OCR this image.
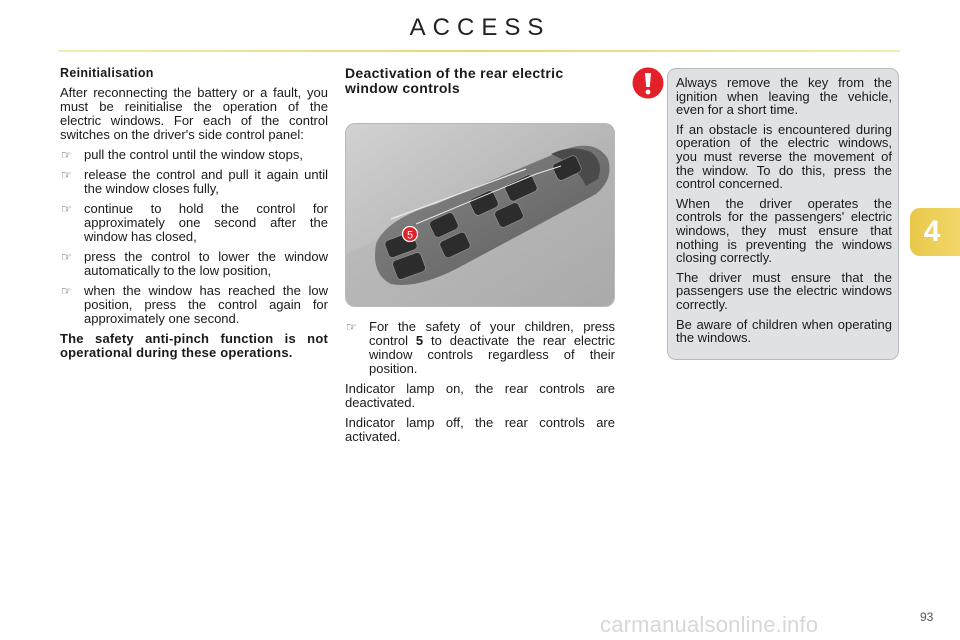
ACCESS
Reinitialisation

After reconnecting the battery or a fault, you must be reinitialise the operation of the electric windows. For each of the control switches on the driver's side control panel:

☞ pull the control until the window stops,
☞ release the control and pull it again until the window closes fully,
☞ continue to hold the control for approximately one second after the window has closed,
☞ press the control to lower the window automatically to the low position,
☞ when the window has reached the low position, press the control again for approximately one second.
The safety anti-pinch function is not operational during these operations.
Deactivation of the rear electric window controls
5
☞ For the safety of your children, press control 5 to deactivate the rear electric window controls regardless of their position.

Indicator lamp on, the rear controls are deactivated.

Indicator lamp off, the rear controls are activated.

Always remove the key from the ignition when leaving the vehicle, even for a short time.

If an obstacle is encountered during operation of the electric windows, you must reverse the movement of the window. To do this, press the control concerned.

When the driver operates the controls for the passengers' electric windows, they must ensure that nothing is preventing the windows closing correctly.

The driver must ensure that the passengers use the electric windows correctly.

Be aware of children when operating the windows.

4
carmanualsonline.info	93
